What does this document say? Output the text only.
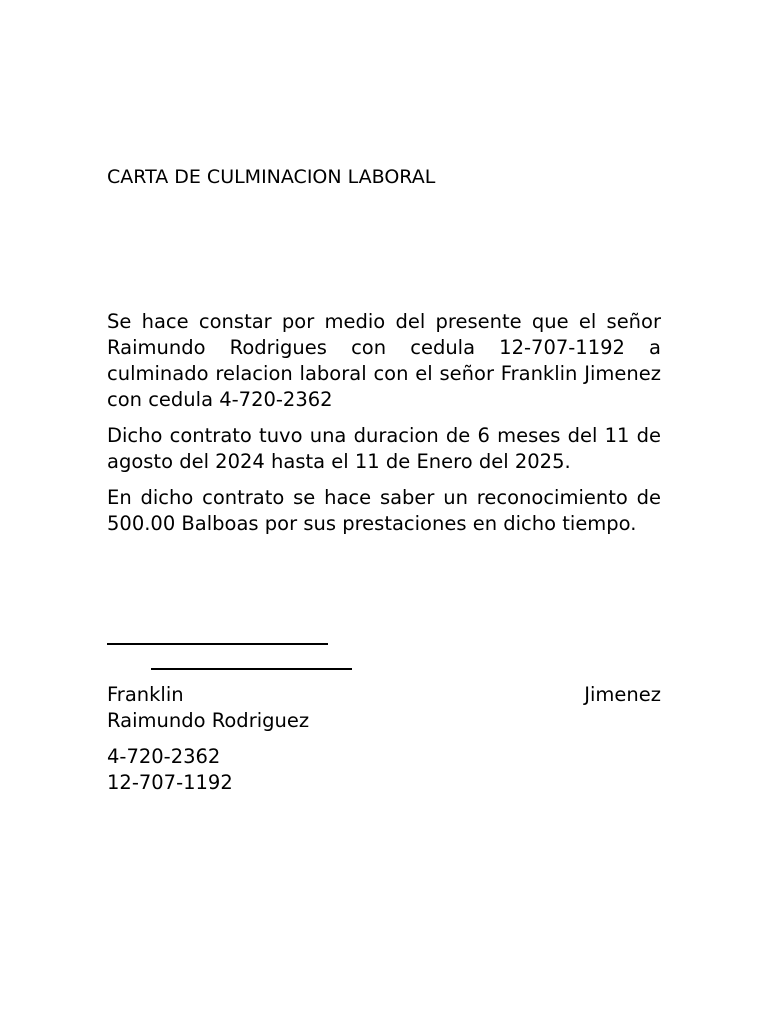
CARTA DE CULMINACION LABORAL

Se hace constar por medio del presente que el señor Raimundo Rodrigues con cedula 12-707-1192 a culminado relacion laboral con el señor Franklin Jimenez con cedula 4-720-2362

Dicho contrato tuvo una duracion de 6 meses del 11 de agosto del 2024 hasta el 11 de Enero del 2025.

En dicho contrato se hace saber un reconocimiento de 500.00 Balboas por sus prestaciones en dicho tiempo.

Franklin	Jimenez
Raimundo Rodriguez
4-720-2362
12-707-1192
